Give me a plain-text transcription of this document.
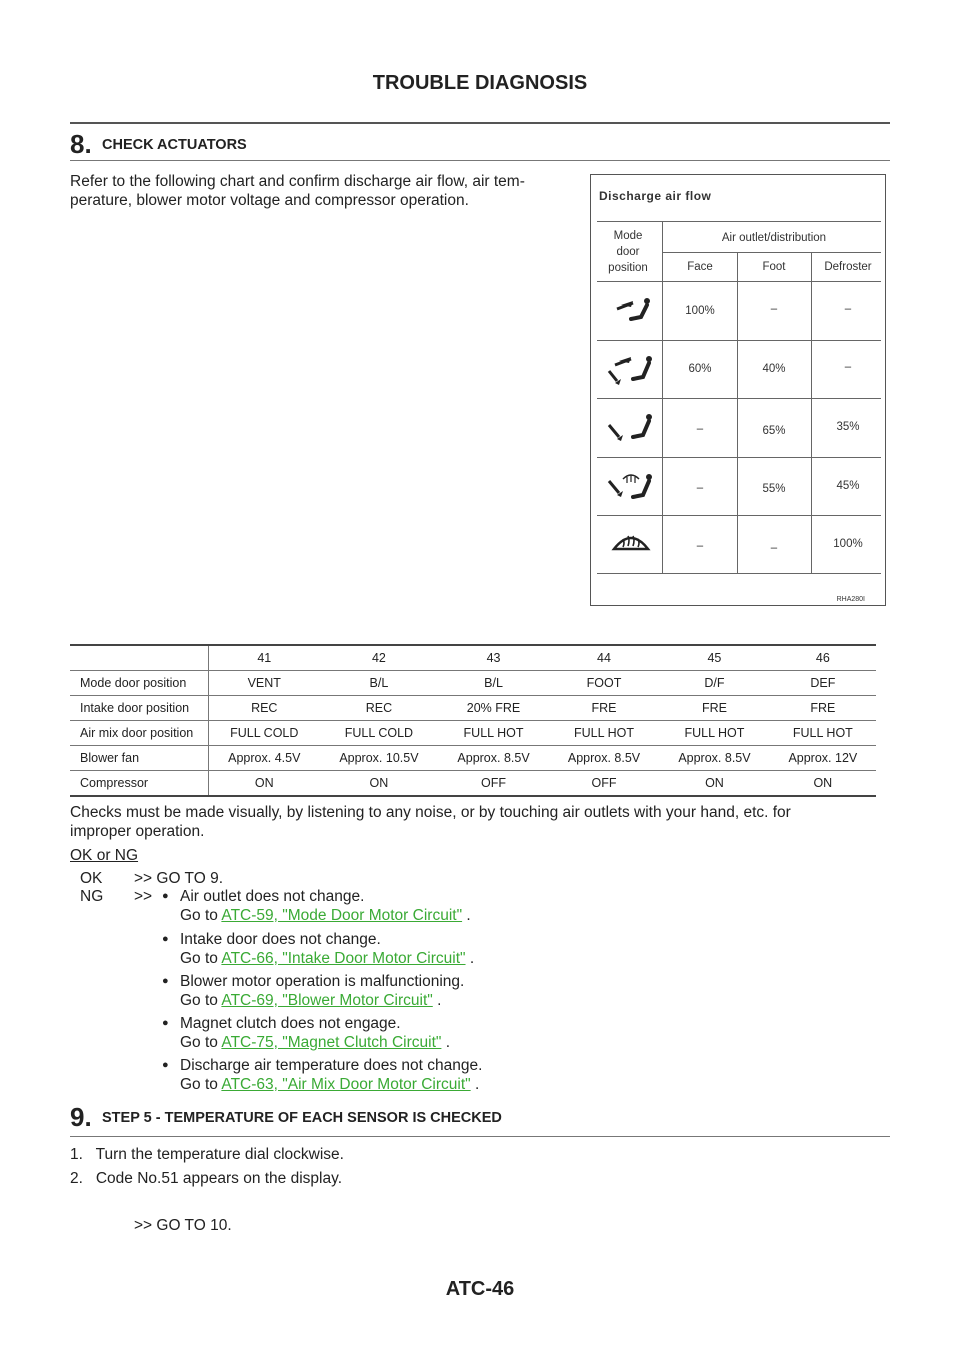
TROUBLE DIAGNOSIS
8. CHECK ACTUATORS
Refer to the following chart and confirm discharge air flow, air tem-
perature, blower motor voltage and compressor operation.	Discharge air flow
Mode
door
position
Air outlet/distribution
Face	Foot	Defroster
100%	–	–
60%	40%	–
–	65%	35%
–	55%	45%
–	–	100%
RHA280I
	41	42	43	44	45	46
Mode door position	VENT	B/L	B/L	FOOT	D/F	DEF
Intake door position	REC	REC	20% FRE	FRE	FRE	FRE
Air mix door position	FULL COLD	FULL COLD	FULL HOT	FULL HOT	FULL HOT	FULL HOT
Blower fan	Approx. 4.5V	Approx. 10.5V	Approx. 8.5V	Approx. 8.5V	Approx. 8.5V	Approx. 12V
Compressor	ON	ON	OFF	OFF	ON	ON
Checks must be made visually, by listening to any noise, or by touching air outlets with your hand, etc. for
improper operation.
OK or NG
OK >> GO TO 9.
NG >> ● Air outlet does not change.
Go to ATC-59, "Mode Door Motor Circuit" .
● Intake door does not change.
Go to ATC-66, "Intake Door Motor Circuit" .
● Blower motor operation is malfunctioning.
Go to ATC-69, "Blower Motor Circuit" .
● Magnet clutch does not engage.
Go to ATC-75, "Magnet Clutch Circuit" .
● Discharge air temperature does not change.
Go to ATC-63, "Air Mix Door Motor Circuit" .
9. STEP 5 - TEMPERATURE OF EACH SENSOR IS CHECKED
1.   Turn the temperature dial clockwise.
2.   Code No.51 appears on the display.
>> GO TO 10.
ATC-46
